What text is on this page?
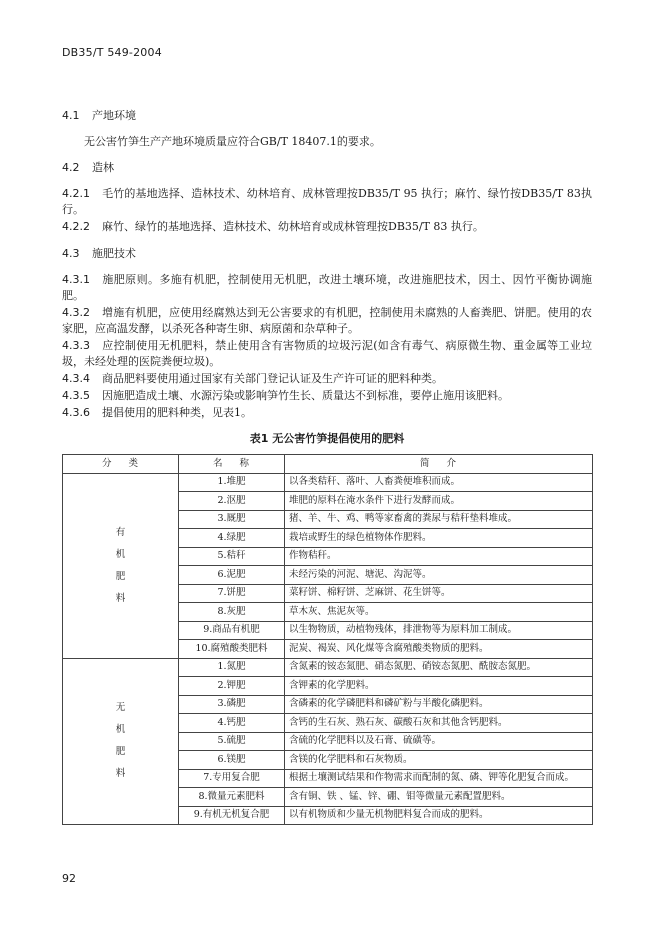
DB35/T 549-2004
4.1 产地环境
无公害竹笋生产产地环境质量应符合GB/T 18407.1的要求。
4.2 造林
4.2.1 毛竹的基地选择、造林技术、幼林培育、成林管理按DB35/T 95 执行；麻竹、绿竹按DB35/T 83执行。
4.2.2 麻竹、绿竹的基地选择、造林技术、幼林培育或成林管理按DB35/T 83 执行。
4.3 施肥技术
4.3.1 施肥原则。多施有机肥，控制使用无机肥，改进土壤环境，改进施肥技术，因土、因竹平衡协调施肥。
4.3.2 增施有机肥，应使用经腐熟达到无公害要求的有机肥，控制使用未腐熟的人畜粪肥、饼肥。使用的农家肥，应高温发酵，以杀死各种寄生卵、病原菌和杂草种子。
4.3.3 应控制使用无机肥料，禁止使用含有害物质的垃圾污泥(如含有毒气、病原微生物、重金属等工业垃圾，未经处理的医院粪便垃圾)。
4.3.4 商品肥料要使用通过国家有关部门登记认证及生产许可证的肥料种类。
4.3.5 因施肥造成土壤、水源污染或影响笋竹生长、质量达不到标准，要停止施用该肥料。
4.3.6 提倡使用的肥料种类，见表1。
表1 无公害竹笋提倡使用的肥料
分 类	名 称	简 介

有
机
肥
料	1.堆肥	以各类秸秆、落叶、人畜粪便堆积而成。
	2.沤肥	堆肥的原料在淹水条件下进行发酵而成。
	3.厩肥	猪、羊、牛、鸡、鸭等家畜禽的粪尿与秸秆垫料堆成。
	4.绿肥	栽培或野生的绿色植物体作肥料。
	5.秸秆	作物秸秆。
	6.泥肥	未经污染的河泥、塘泥、沟泥等。
	7.饼肥	菜籽饼、棉籽饼、芝麻饼、花生饼等。
	8.灰肥	草木灰、焦泥灰等。
	9.商品有机肥	以生物物质，动植物残体，排泄物等为原料加工制成。
	10.腐殖酸类肥料	泥炭、褐炭、风化煤等含腐殖酸类物质的肥料。

无
机
肥
料	1.氮肥	含氮素的铵态氮肥、硝态氮肥、硝铵态氮肥、酰胺态氮肥。
	2.钾肥	含钾素的化学肥料。
	3.磷肥	含磷素的化学磷肥料和磷矿粉与半酸化磷肥料。
	4.钙肥	含钙的生石灰、熟石灰、碳酸石灰和其他含钙肥料。
	5.硫肥	含硫的化学肥料以及石膏、硫磺等。
	6.镁肥	含镁的化学肥料和石灰物质。
	7.专用复合肥	根据土壤测试结果和作物需求而配制的氮、磷、钾等化肥复合而成。
	8.微量元素肥料	含有铜、铁 、锰、锌、硼、钼等微量元素配置肥料。
	9.有机无机复合肥	以有机物质和少量无机物肥料复合而成的肥料。
92
